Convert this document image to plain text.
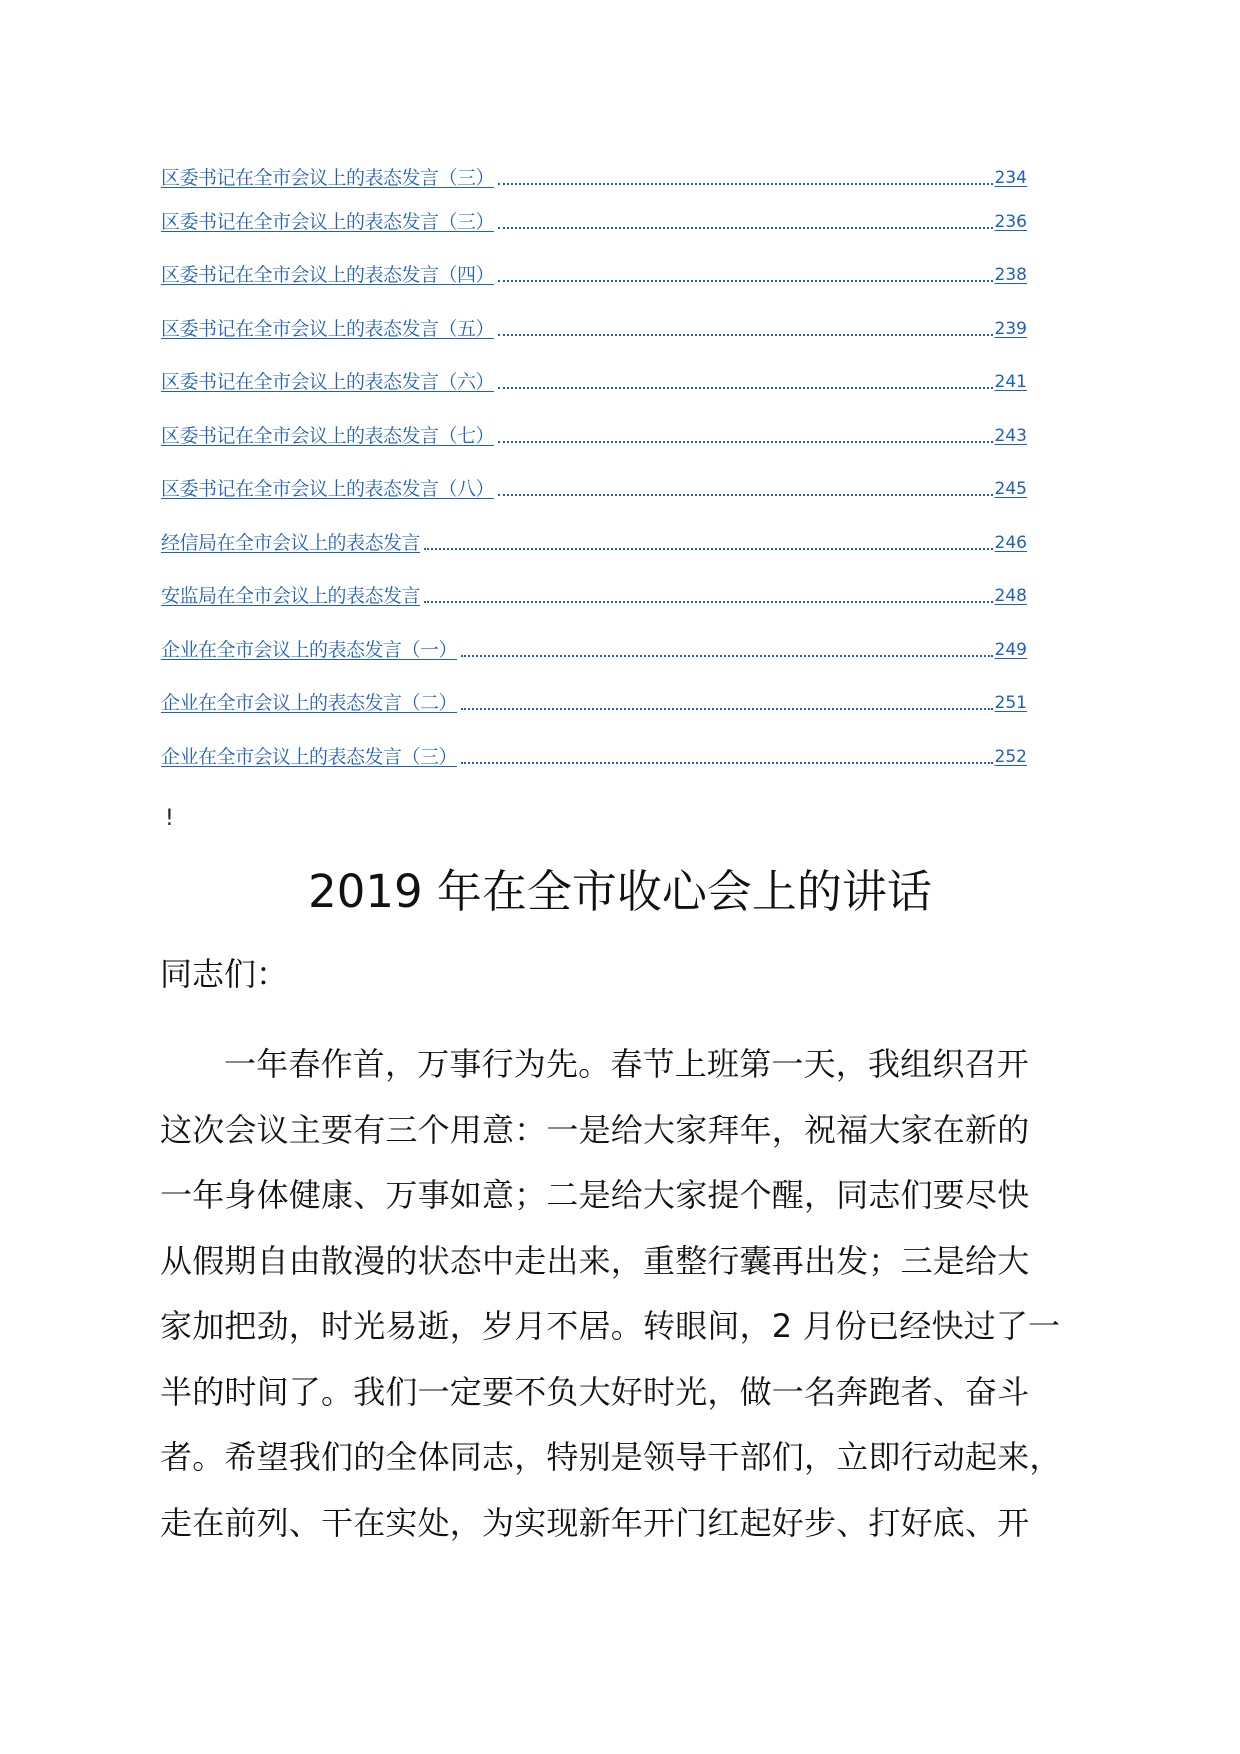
区委书记在全市会议上的表态发言（三）	234
区委书记在全市会议上的表态发言（三）	236
区委书记在全市会议上的表态发言（四）	238
区委书记在全市会议上的表态发言（五）	239
区委书记在全市会议上的表态发言（六）	241
区委书记在全市会议上的表态发言（七）	243
区委书记在全市会议上的表态发言（八）	245
经信局在全市会议上的表态发言	246
安监局在全市会议上的表态发言	248
企业在全市会议上的表态发言（一）	249
企业在全市会议上的表态发言（二）	251
企业在全市会议上的表态发言（三）	252
!
2019 年在全市收心会上的讲话
同志们：
一年春作首，万事行为先。春节上班第一天，我组织召开
这次会议主要有三个用意：一是给大家拜年，祝福大家在新的
一年身体健康、万事如意；二是给大家提个醒，同志们要尽快
从假期自由散漫的状态中走出来，重整行囊再出发；三是给大
家加把劲，时光易逝，岁月不居。转眼间，2 月份已经快过了一
半的时间了。我们一定要不负大好时光，做一名奔跑者、奋斗
者。希望我们的全体同志，特别是领导干部们，立即行动起来，
走在前列、干在实处，为实现新年开门红起好步、打好底、开
